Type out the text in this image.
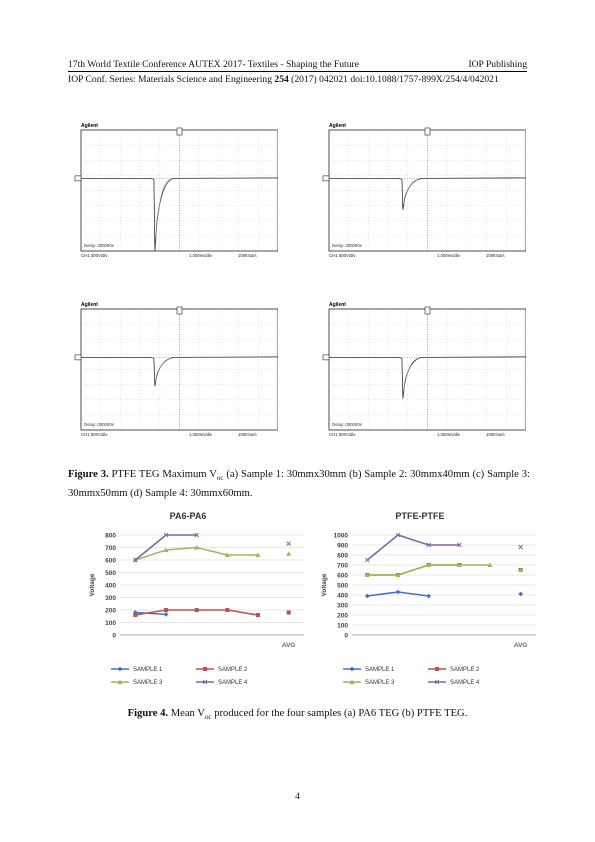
17th World Textile Conference AUTEX 2017- Textiles - Shaping the Future	IOP Publishing
IOP Conf. Series: Materials Science and Engineering 254 (2017) 042021 doi:10.1088/1757-899X/254/4/042021
Agilent
Delay:.000000s
CH1 200V/div	1.000ms/div	100KSa/s
Agilent
Delay:.000000s
CH1 500V/div	1.000ms/div	100KSa/s
Agilent
Delay:.000000s
CH1 500V/div	1.000ms/div	100KSa/s
Agilent
Delay:.000000s
CH1 500V/div	1.000ms/div	100KSa/s
Figure 3. PTFE TEG Maximum $V_{oc}$ (a) Sample 1: 30mmx30mm (b) Sample 2: 30mmx40mm (c) Sample 3: 30mmx50mm (d) Sample 4: 30mmx60mm.
PA6-PA6
0
100
200
300
400
500
600
700
800
Voltage
AVG
SAMPLE 1	SAMPLE 2
SAMPLE 3	SAMPLE 4
PTFE-PTFE
0
100
200
300
400
500
600
700
800
900
1000
Voltage
AVG
SAMPLE 1	SAMPLE 2
SAMPLE 3	SAMPLE 4
Figure 4. Mean $V_{oc}$ produced for the four samples (a) PA6 TEG (b) PTFE TEG.
4
